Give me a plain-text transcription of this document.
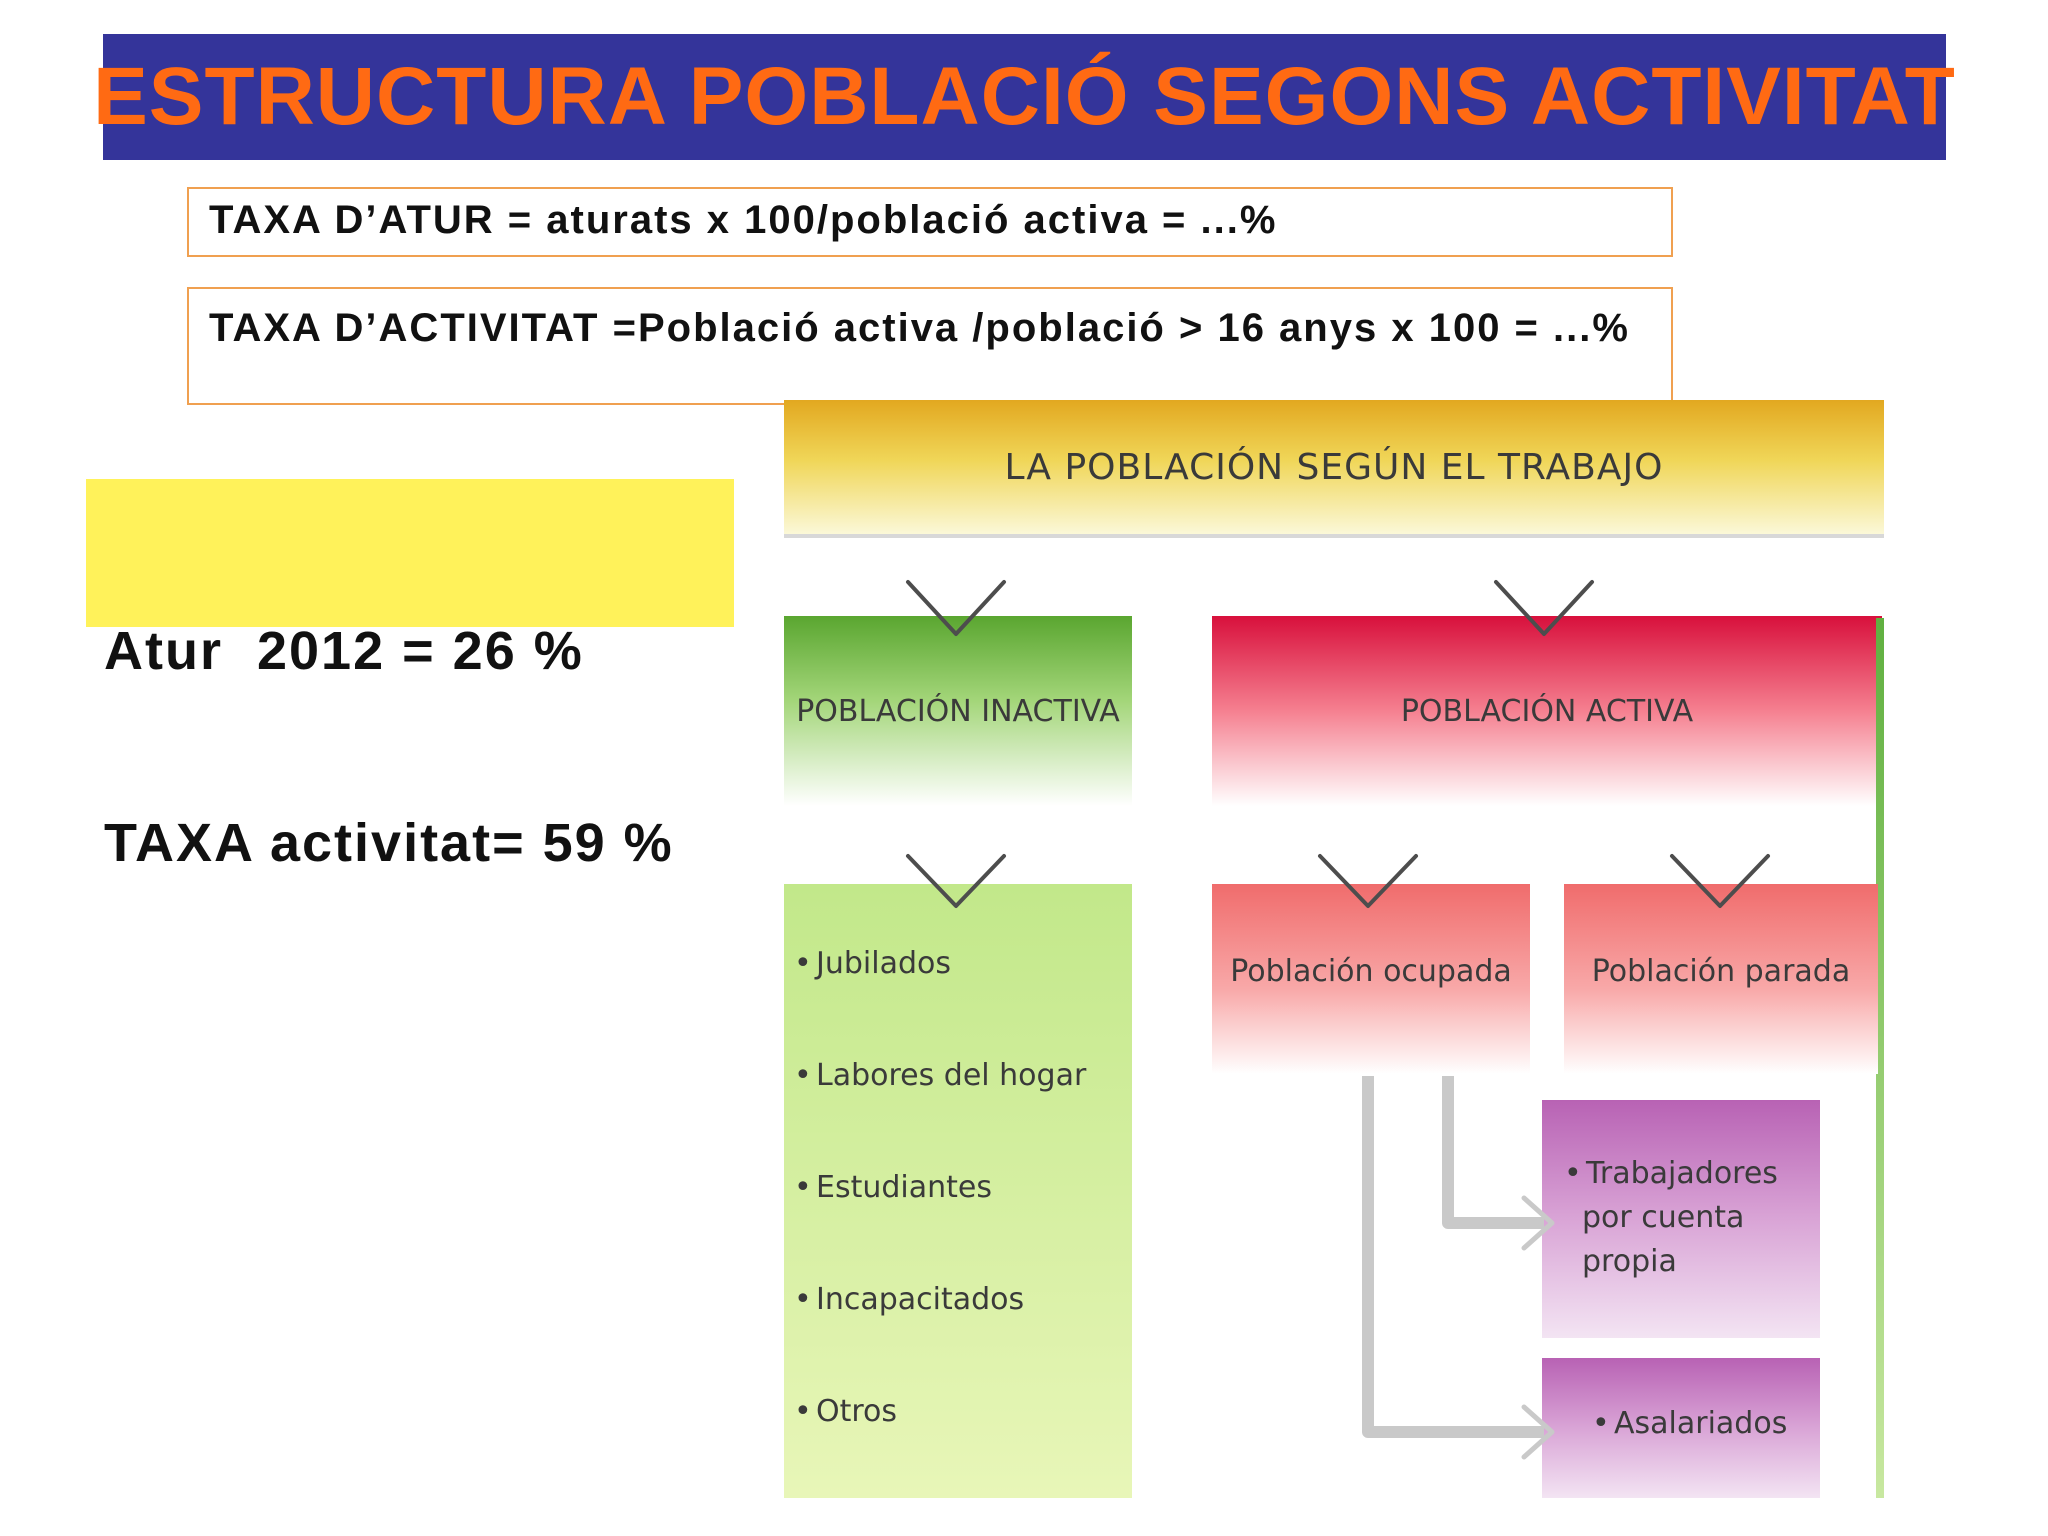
ESTRUCTURA POBLACIÓ SEGONS ACTIVITAT
TAXA D’ATUR = aturats x 100/població activa = ...%
TAXA D’ACTIVITAT =Població activa /població > 16 anys x 100 = ...%

Atur  2012 = 26 %

TAXA activitat= 59 %

LA POBLACIÓN SEGÚN EL TRABAJO
POBLACIÓN INACTIVA	POBLACIÓN ACTIVA
• Jubilados
• Labores del hogar
• Estudiantes
• Incapacitados
• Otros
Población ocupada	Población parada
• Trabajadores
por cuenta
propia
• Asalariados
